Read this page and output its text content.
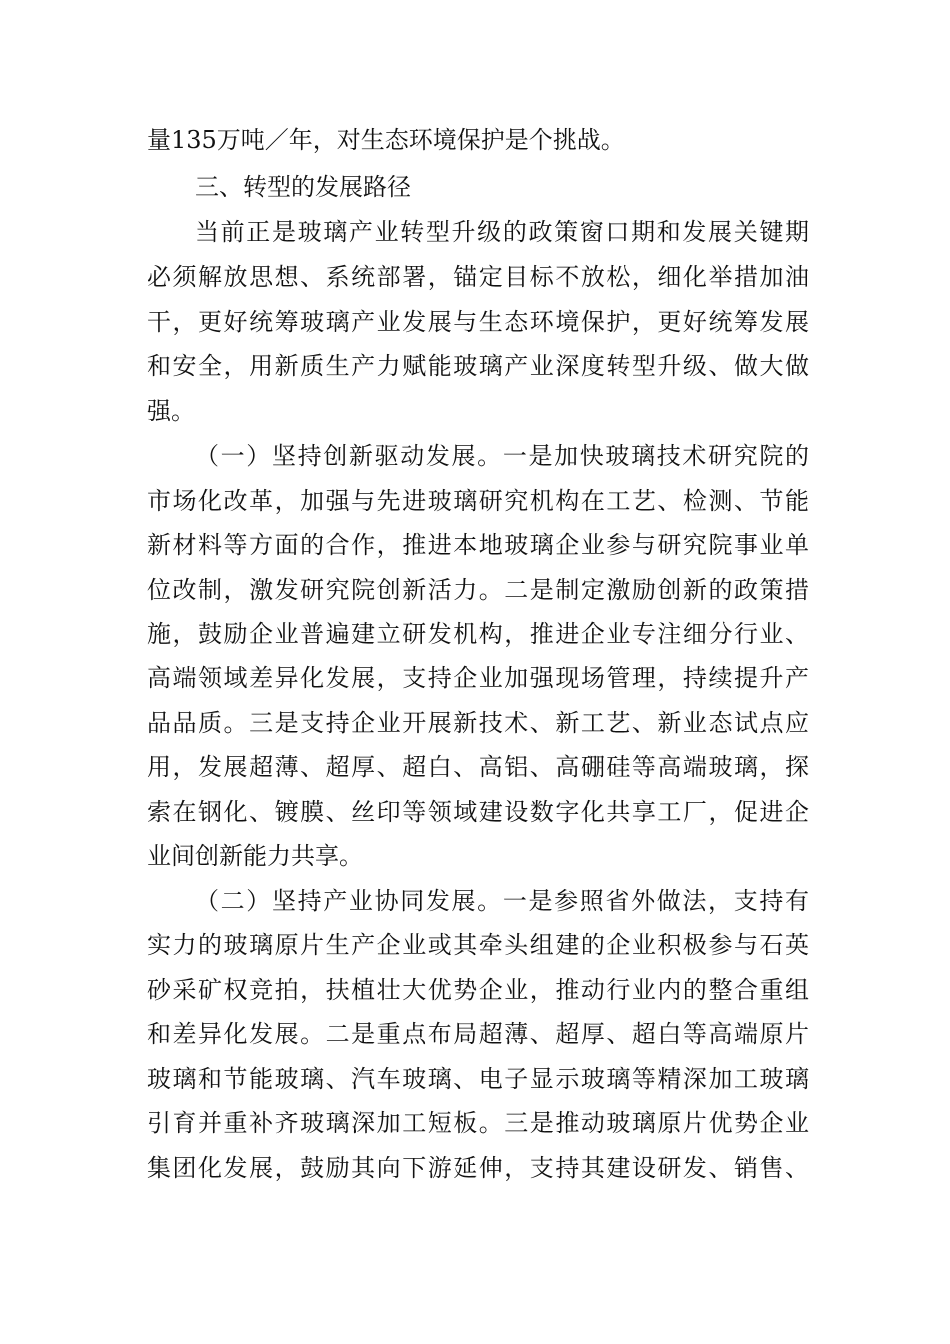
量135万吨／年，对生态环境保护是个挑战。
三、转型的发展路径
当前正是玻璃产业转型升级的政策窗口期和发展关键期
必须解放思想、系统部署，锚定目标不放松，细化举措加油
干，更好统筹玻璃产业发展与生态环境保护，更好统筹发展
和安全，用新质生产力赋能玻璃产业深度转型升级、做大做
强。
（一）坚持创新驱动发展。一是加快玻璃技术研究院的
市场化改革，加强与先进玻璃研究机构在工艺、检测、节能
新材料等方面的合作，推进本地玻璃企业参与研究院事业单
位改制，激发研究院创新活力。二是制定激励创新的政策措
施，鼓励企业普遍建立研发机构，推进企业专注细分行业、
高端领域差异化发展，支持企业加强现场管理，持续提升产
品品质。三是支持企业开展新技术、新工艺、新业态试点应
用，发展超薄、超厚、超白、高铝、高硼硅等高端玻璃，探
索在钢化、镀膜、丝印等领域建设数字化共享工厂，促进企
业间创新能力共享。
（二）坚持产业协同发展。一是参照省外做法，支持有
实力的玻璃原片生产企业或其牵头组建的企业积极参与石英
砂采矿权竞拍，扶植壮大优势企业，推动行业内的整合重组
和差异化发展。二是重点布局超薄、超厚、超白等高端原片
玻璃和节能玻璃、汽车玻璃、电子显示玻璃等精深加工玻璃
引育并重补齐玻璃深加工短板。三是推动玻璃原片优势企业
集团化发展，鼓励其向下游延伸，支持其建设研发、销售、
